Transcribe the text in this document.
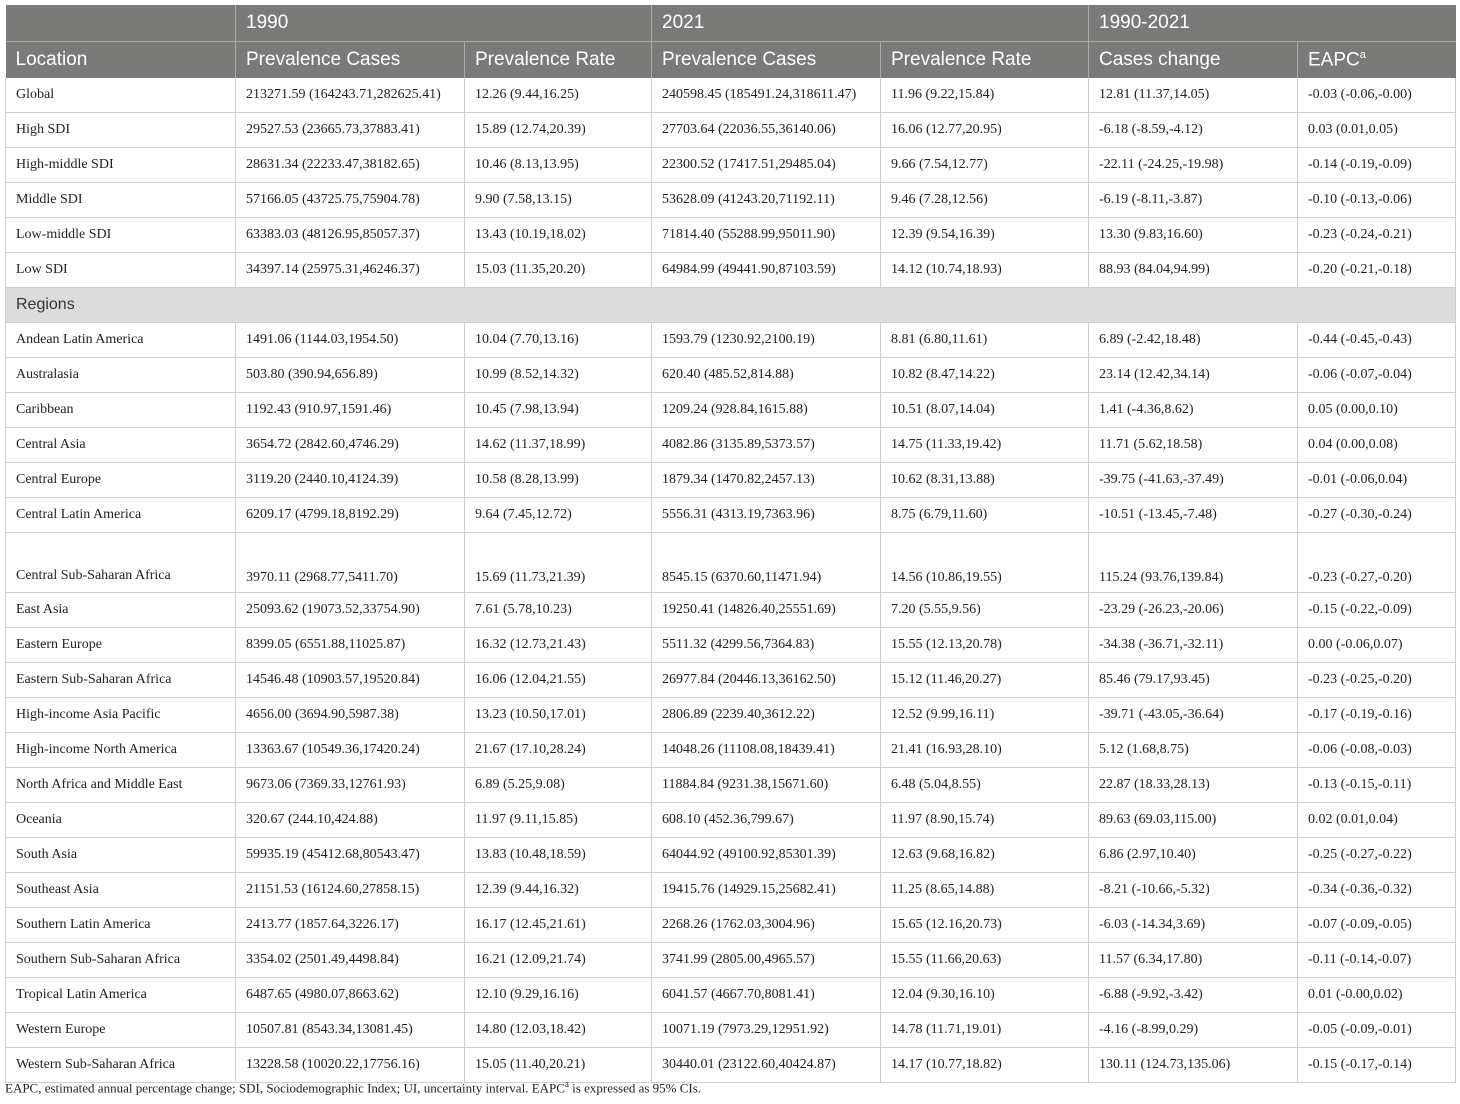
	1990		2021		1990-2021	
Location	Prevalence Cases	Prevalence Rate	Prevalence Cases	Prevalence Rate	Cases change	EAPC$^a$
Global	213271.59 (164243.71,282625.41)	12.26 (9.44,16.25)	240598.45 (185491.24,318611.47)	11.96 (9.22,15.84)	12.81 (11.37,14.05)	-0.03 (-0.06,-0.00)
High SDI	29527.53 (23665.73,37883.41)	15.89 (12.74,20.39)	27703.64 (22036.55,36140.06)	16.06 (12.77,20.95)	-6.18 (-8.59,-4.12)	0.03 (0.01,0.05)
High-middle SDI	28631.34 (22233.47,38182.65)	10.46 (8.13,13.95)	22300.52 (17417.51,29485.04)	9.66 (7.54,12.77)	-22.11 (-24.25,-19.98)	-0.14 (-0.19,-0.09)
Middle SDI	57166.05 (43725.75,75904.78)	9.90 (7.58,13.15)	53628.09 (41243.20,71192.11)	9.46 (7.28,12.56)	-6.19 (-8.11,-3.87)	-0.10 (-0.13,-0.06)
Low-middle SDI	63383.03 (48126.95,85057.37)	13.43 (10.19,18.02)	71814.40 (55288.99,95011.90)	12.39 (9.54,16.39)	13.30 (9.83,16.60)	-0.23 (-0.24,-0.21)
Low SDI	34397.14 (25975.31,46246.37)	15.03 (11.35,20.20)	64984.99 (49441.90,87103.59)	14.12 (10.74,18.93)	88.93 (84.04,94.99)	-0.20 (-0.21,-0.18)
Regions						
Andean Latin America	1491.06 (1144.03,1954.50)	10.04 (7.70,13.16)	1593.79 (1230.92,2100.19)	8.81 (6.80,11.61)	6.89 (-2.42,18.48)	-0.44 (-0.45,-0.43)
Australasia	503.80 (390.94,656.89)	10.99 (8.52,14.32)	620.40 (485.52,814.88)	10.82 (8.47,14.22)	23.14 (12.42,34.14)	-0.06 (-0.07,-0.04)
Caribbean	1192.43 (910.97,1591.46)	10.45 (7.98,13.94)	1209.24 (928.84,1615.88)	10.51 (8.07,14.04)	1.41 (-4.36,8.62)	0.05 (0.00,0.10)
Central Asia	3654.72 (2842.60,4746.29)	14.62 (11.37,18.99)	4082.86 (3135.89,5373.57)	14.75 (11.33,19.42)	11.71 (5.62,18.58)	0.04 (0.00,0.08)
Central Europe	3119.20 (2440.10,4124.39)	10.58 (8.28,13.99)	1879.34 (1470.82,2457.13)	10.62 (8.31,13.88)	-39.75 (-41.63,-37.49)	-0.01 (-0.06,0.04)
Central Latin America	6209.17 (4799.18,8192.29)	9.64 (7.45,12.72)	5556.31 (4313.19,7363.96)	8.75 (6.79,11.60)	-10.51 (-13.45,-7.48)	-0.27 (-0.30,-0.24)
Central Sub-Saharan Africa	3970.11 (2968.77,5411.70)	15.69 (11.73,21.39)	8545.15 (6370.60,11471.94)	14.56 (10.86,19.55)	115.24 (93.76,139.84)	-0.23 (-0.27,-0.20)
East Asia	25093.62 (19073.52,33754.90)	7.61 (5.78,10.23)	19250.41 (14826.40,25551.69)	7.20 (5.55,9.56)	-23.29 (-26.23,-20.06)	-0.15 (-0.22,-0.09)
Eastern Europe	8399.05 (6551.88,11025.87)	16.32 (12.73,21.43)	5511.32 (4299.56,7364.83)	15.55 (12.13,20.78)	-34.38 (-36.71,-32.11)	0.00 (-0.06,0.07)
Eastern Sub-Saharan Africa	14546.48 (10903.57,19520.84)	16.06 (12.04,21.55)	26977.84 (20446.13,36162.50)	15.12 (11.46,20.27)	85.46 (79.17,93.45)	-0.23 (-0.25,-0.20)
High-income Asia Pacific	4656.00 (3694.90,5987.38)	13.23 (10.50,17.01)	2806.89 (2239.40,3612.22)	12.52 (9.99,16.11)	-39.71 (-43.05,-36.64)	-0.17 (-0.19,-0.16)
High-income North America	13363.67 (10549.36,17420.24)	21.67 (17.10,28.24)	14048.26 (11108.08,18439.41)	21.41 (16.93,28.10)	5.12 (1.68,8.75)	-0.06 (-0.08,-0.03)
North Africa and Middle East	9673.06 (7369.33,12761.93)	6.89 (5.25,9.08)	11884.84 (9231.38,15671.60)	6.48 (5.04,8.55)	22.87 (18.33,28.13)	-0.13 (-0.15,-0.11)
Oceania	320.67 (244.10,424.88)	11.97 (9.11,15.85)	608.10 (452.36,799.67)	11.97 (8.90,15.74)	89.63 (69.03,115.00)	0.02 (0.01,0.04)
South Asia	59935.19 (45412.68,80543.47)	13.83 (10.48,18.59)	64044.92 (49100.92,85301.39)	12.63 (9.68,16.82)	6.86 (2.97,10.40)	-0.25 (-0.27,-0.22)
Southeast Asia	21151.53 (16124.60,27858.15)	12.39 (9.44,16.32)	19415.76 (14929.15,25682.41)	11.25 (8.65,14.88)	-8.21 (-10.66,-5.32)	-0.34 (-0.36,-0.32)
Southern Latin America	2413.77 (1857.64,3226.17)	16.17 (12.45,21.61)	2268.26 (1762.03,3004.96)	15.65 (12.16,20.73)	-6.03 (-14.34,3.69)	-0.07 (-0.09,-0.05)
Southern Sub-Saharan Africa	3354.02 (2501.49,4498.84)	16.21 (12.09,21.74)	3741.99 (2805.00,4965.57)	15.55 (11.66,20.63)	11.57 (6.34,17.80)	-0.11 (-0.14,-0.07)
Tropical Latin America	6487.65 (4980.07,8663.62)	12.10 (9.29,16.16)	6041.57 (4667.70,8081.41)	12.04 (9.30,16.10)	-6.88 (-9.92,-3.42)	0.01 (-0.00,0.02)
Western Europe	10507.81 (8543.34,13081.45)	14.80 (12.03,18.42)	10071.19 (7973.29,12951.92)	14.78 (11.71,19.01)	-4.16 (-8.99,0.29)	-0.05 (-0.09,-0.01)
Western Sub-Saharan Africa	13228.58 (10020.22,17756.16)	15.05 (11.40,20.21)	30440.01 (23122.60,40424.87)	14.17 (10.77,18.82)	130.11 (124.73,135.06)	-0.15 (-0.17,-0.14)
EAPC, estimated annual percentage change; SDI, Sociodemographic Index; UI, uncertainty interval. EAPC$^a$ is expressed as 95% CIs.
